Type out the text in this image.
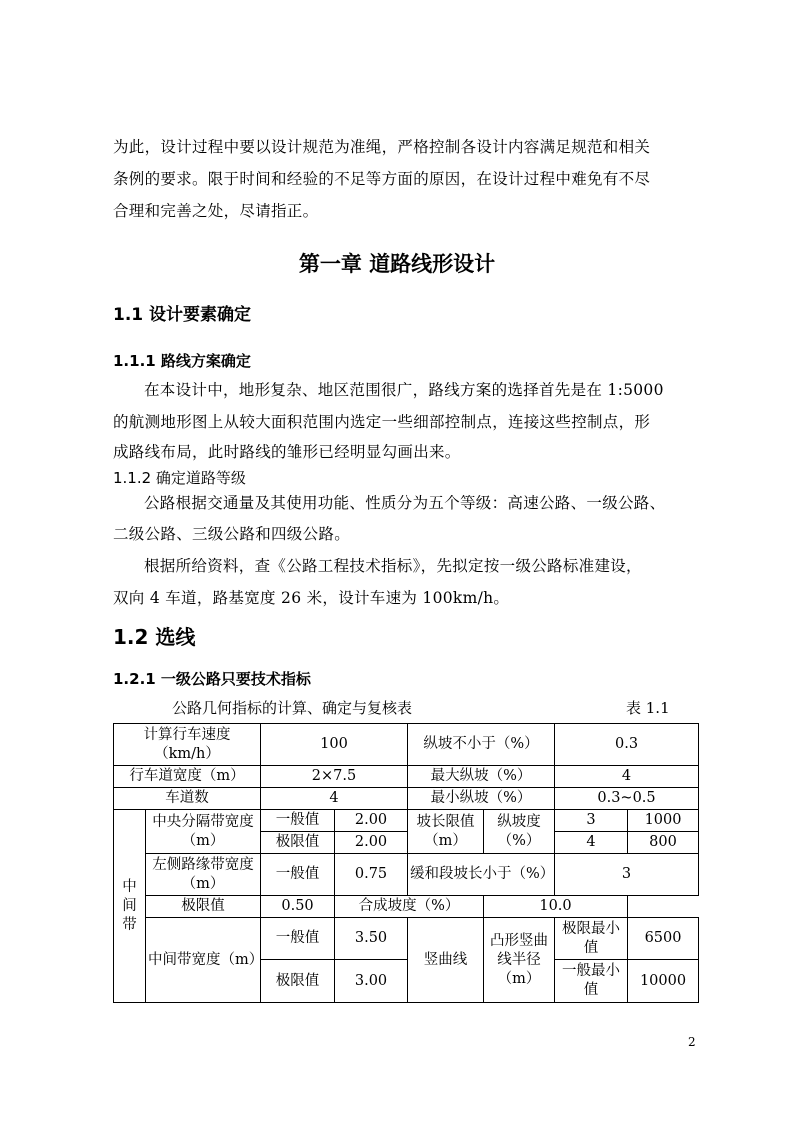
为此，设计过程中要以设计规范为准绳，严格控制各设计内容满足规范和相关

条例的要求。限于时间和经验的不足等方面的原因，在设计过程中难免有不尽

合理和完善之处，尽请指正。

第一章 道路线形设计
1.1 设计要素确定
1.1.1 路线方案确定

在本设计中，地形复杂、地区范围很广，路线方案的选择首先是在 1:5000

的航测地形图上从较大面积范围内选定一些细部控制点，连接这些控制点，形

成路线布局，此时路线的雏形已经明显勾画出来。

1.1.2 确定道路等级

公路根据交通量及其使用功能、性质分为五个等级：高速公路、一级公路、

二级公路、三级公路和四级公路。

根据所给资料，查《公路工程技术指标》，先拟定按一级公路标准建设，

双向 4 车道，路基宽度 26 米，设计车速为 100km/h。

1.2 选线
1.2.1 一级公路只要技术指标
公路几何指标的计算、确定与复核表	表 1.1
计算行车速度（km/h）		100		纵坡不小于（%）		0.3	
行车道宽度（m）		2×7.5		最大纵坡（%）		4	
车道数		4		最小纵坡（%）		0.3~0.5	
中间带	中央分隔带宽度（m）	一般值	2.00	坡长限值（m）	纵坡度（%）	3	1000
		极限值	2.00			4	800
	左侧路缘带宽度（m）	一般值	0.75	缓和段坡长小于（%）		3	

	极限值	0.50	合成坡度（%）		10.0		
	中间带宽度（m）	一般值	3.50	竖曲线	凸形竖曲线半径（m）	极限最小值	6500
		极限值	3.00			一般最小值	10000

2
